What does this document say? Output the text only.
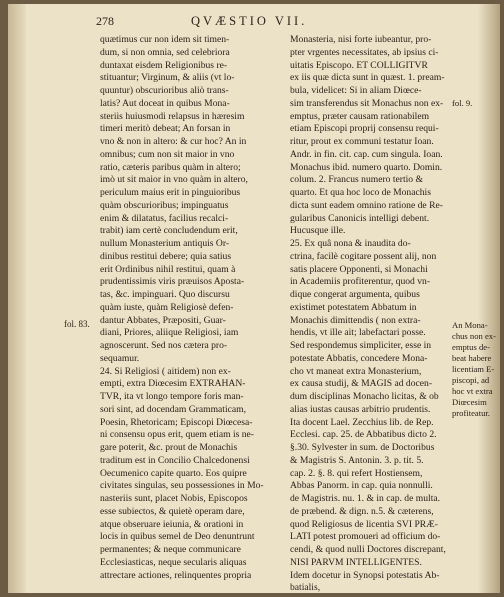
278	QVÆSTIO VII.
quætimus cur non idem sit timen-
dum, si non omnia, sed celebriora
duntaxat eisdem Religionibus re-
stituantur; Virginum, & aliis (vt lo-
quuntur) obscurioribus aliò trans-
latis? Aut doceat in quibus Mona-
steriis huiusmodi relapsus in hæresim
timeri meritò debeat; An forsan in
vno & non in altero: & cur hoc? An in
omnibus; cum non sit maior in vno
ratio, cæteris paribus quàm in altero;
imò ut sit maior in vno quàm in altero,
periculum maius erit in pinguioribus
quàm obscurioribus; impinguatus
enim & dilatatus, facilius recalci-
trabit) iam certè concludendum erit,
nullum Monasterium antiquis Or-
dinibus restitui debere; quia satius
erit Ordinibus nihil restitui, quam à
prudentissimis viris præuisos Aposta-
tas, &c. impinguari. Quo discursu
quàm iuste, quàm Religiosè defen-
dantur Abbates, Præpositi, Guar-
diani, Priores, aliique Religiosi, iam
agnoscerunt. Sed nos cætera pro-
sequamur.
24. Si Religiosi ( aitidem) non ex-
empti, extra Diœcesim EXTRAHAN-
TVR, ita vt longo tempore foris man-
sori sint, ad docendam Grammaticam,
Poesin, Rhetoricam; Episcopi Diœcesa-
ni consensu opus erit, quem etiam is ne-
gare poterit, &c. prout de Monachis
traditum est in Concilio Chalcedonensi
Oecumenico capite quarto. Eos quipre
civitates singulas, seu possessiones in Mo-
nasteriis sunt, placet Nobis, Episcopos
esse subiectos, & quietè operam dare,
atque obseruare ieiunia, & orationi in
locis in quibus semel de Deo denuntrunt
permanentes; & neque communicare
Ecclesiasticas, neque secularis aliquas
attrectare actiones, relinquentes propria
Monasteria, nisi forte iubeantur, pro-
pter vrgentes necessitates, ab ipsius ci-
uitatis Episcopo. ET COLLIGITVR
ex iis quæ dicta sunt in quæst. 1. pream-
bula, videlicet: Si in aliam Diœce-
sim transferendus sit Monachus non ex-
emptus, præter causam rationabilem
etiam Episcopi proprij consensu requi-
ritur, prout ex communi testatur Ioan.
Andr. in fin. cit. cap. cum singula. Ioan.
Monachus ibid. numero quarto. Domin.
colum. 2. Francus numero tertio &
quarto. Et qua hoc loco de Monachis
dicta sunt eadem omnino ratione de Re-
gularibus Canonicis intelligi debent.
Hucusque ille.
25. Ex quâ nona & inaudita do-
ctrina, facilè cogitare possent alij, non
satis placere Opponenti, si Monachi
in Academiis profiterentur, quod vn-
dique congerat argumenta, quibus
existimet potestatem Abbatum in
Monachis dimittendis ( non extra-
hendis, vt ille ait; labefactari posse.
Sed respondemus simpliciter, esse in
potestate Abbatis, concedere Mona-
cho vt maneat extra Monasterium,
ex causa studij, & MAGIS ad docen-
dum disciplinas Monacho licitas, & ob
alias iustas causas arbitrio prudentis.
Ita docent Lael. Zecchius lib. de Rep.
Ecclesi. cap. 25. de Abbatibus dicto 2.
§.30. Sylvester in sum. de Doctoribus
& Magistris S. Antonin. 3. p. tit. 5.
cap. 2. §. 8. qui refert Hostiensem,
Abbas Panorm. in cap. quia nonnulli.
de Magistris. nu. 1. & in cap. de multa.
de præbend. & dign. n.5. & cæterens,
quod Religiosus de licentia SVI PRÆ-
LATI potest promoueri ad officium do-
cendi, & quod nulli Doctores discrepant,
NISI PARVM INTELLIGENTES.
Idem docetur in Synopsi potestatis Ab-
batialis,
fol. 83.
fol. 9.
An Mona-
chus non ex-
emptus de-
beat habere
licentiam E-
piscopi, ad
hoc vt extra
Diœcesim
profiteatur.
